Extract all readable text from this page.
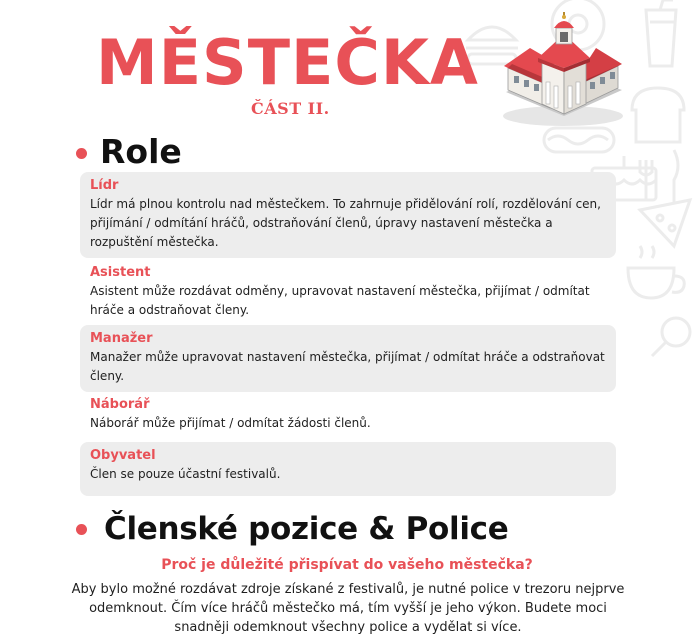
MĚSTEČKA
ČÁST II.
Role
Lídr
Lídr má plnou kontrolu nad městečkem. To zahrnuje přidělování rolí, rozdělování cen, přijímání / odmítání hráčů, odstraňování členů, úpravy nastavení městečka a rozpuštění městečka.
Asistent
Asistent může rozdávat odměny, upravovat nastavení městečka, přijímat / odmítat hráče a odstraňovat členy.
Manažer
Manažer může upravovat nastavení městečka, přijímat / odmítat hráče a odstraňovat členy.
Náborář
Náborář může přijímat / odmítat žádosti členů.
Obyvatel
Člen se pouze účastní festivalů.
Členské pozice & Police
Proč je důležité přispívat do vašeho městečka?
Aby bylo možné rozdávat zdroje získané z festivalů, je nutné police v trezoru nejprve odemknout. Čím více hráčů městečko má, tím vyšší je jeho výkon. Budete moci snadněji odemknout všechny police a vydělat si více.
